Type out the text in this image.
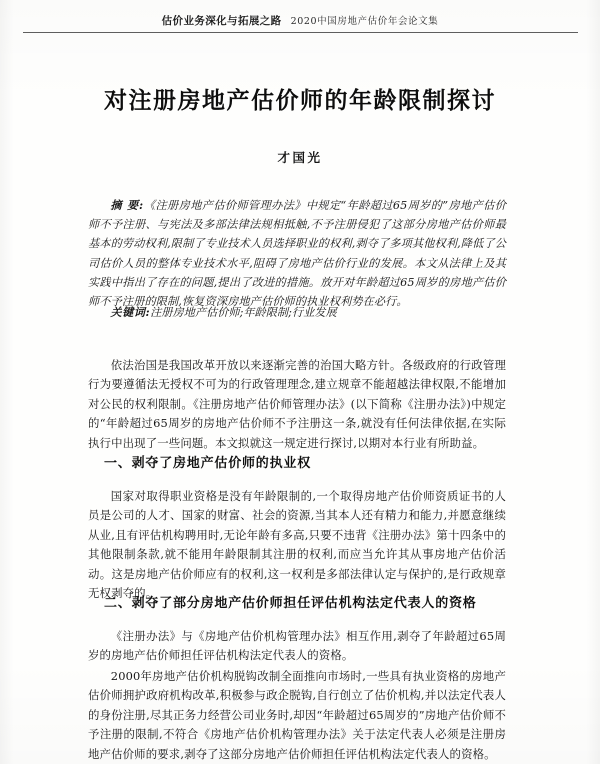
估价业务深化与拓展之路 2020中国房地产估价年会论文集
对注册房地产估价师的年龄限制探讨
才国光

摘 要:《注册房地产估价师管理办法》中规定“年龄超过65周岁的”房地产估价师不予注册、与宪法及多部法律法规相抵触,不予注册侵犯了这部分房地产估价师最基本的劳动权利,限制了专业技术人员选择职业的权利,剥夺了多项其他权利,降低了公司估价人员的整体专业技术水平,阻碍了房地产估价行业的发展。本文从法律上及其实践中指出了存在的问题,提出了改进的措施。放开对年龄超过65周岁的房地产估价师不予注册的限制,恢复资深房地产估价师的执业权利势在必行。

关键词:注册房地产估价师;年龄限制;行业发展

依法治国是我国改革开放以来逐渐完善的治国大略方针。各级政府的行政管理行为要遵循法无授权不可为的行政管理理念,建立规章不能超越法律权限,不能增加对公民的权利限制。《注册房地产估价师管理办法》(以下简称《注册办法》)中规定的“年龄超过65周岁的房地产估价师不予注册这一条,就没有任何法律依据,在实际执行中出现了一些问题。本文拟就这一规定进行探讨,以期对本行业有所助益。

一、剥夺了房地产估价师的执业权

国家对取得职业资格是没有年龄限制的,一个取得房地产估价师资质证书的人员是公司的人才、国家的财富、社会的资源,当其本人还有精力和能力,并愿意继续从业,且有评估机构聘用时,无论年龄有多高,只要不违背《注册办法》第十四条中的其他限制条款,就不能用年龄限制其注册的权利,而应当允许其从事房地产估价活动。这是房地产估价师应有的权利,这一权利是多部法律认定与保护的,是行政规章无权剥夺的。

二、剥夺了部分房地产估价师担任评估机构法定代表人的资格

《注册办法》与《房地产估价机构管理办法》相互作用,剥夺了年龄超过65周岁的房地产估价师担任评估机构法定代表人的资格。

2000年房地产估价机构脱钩改制全面推向市场时,一些具有执业资格的房地产估价师拥护政府机构改革,积极参与政企脱钩,自行创立了估价机构,并以法定代表人的身份注册,尽其正务力经营公司业务时,却因“年龄超过65周岁的”房地产估价师不予注册的限制,不符合《房地产估价机构管理办法》关于法定代表人必须是注册房地产估价师的要求,剥夺了这部分房地产估价师担任评估机构法定代表人的资格。
